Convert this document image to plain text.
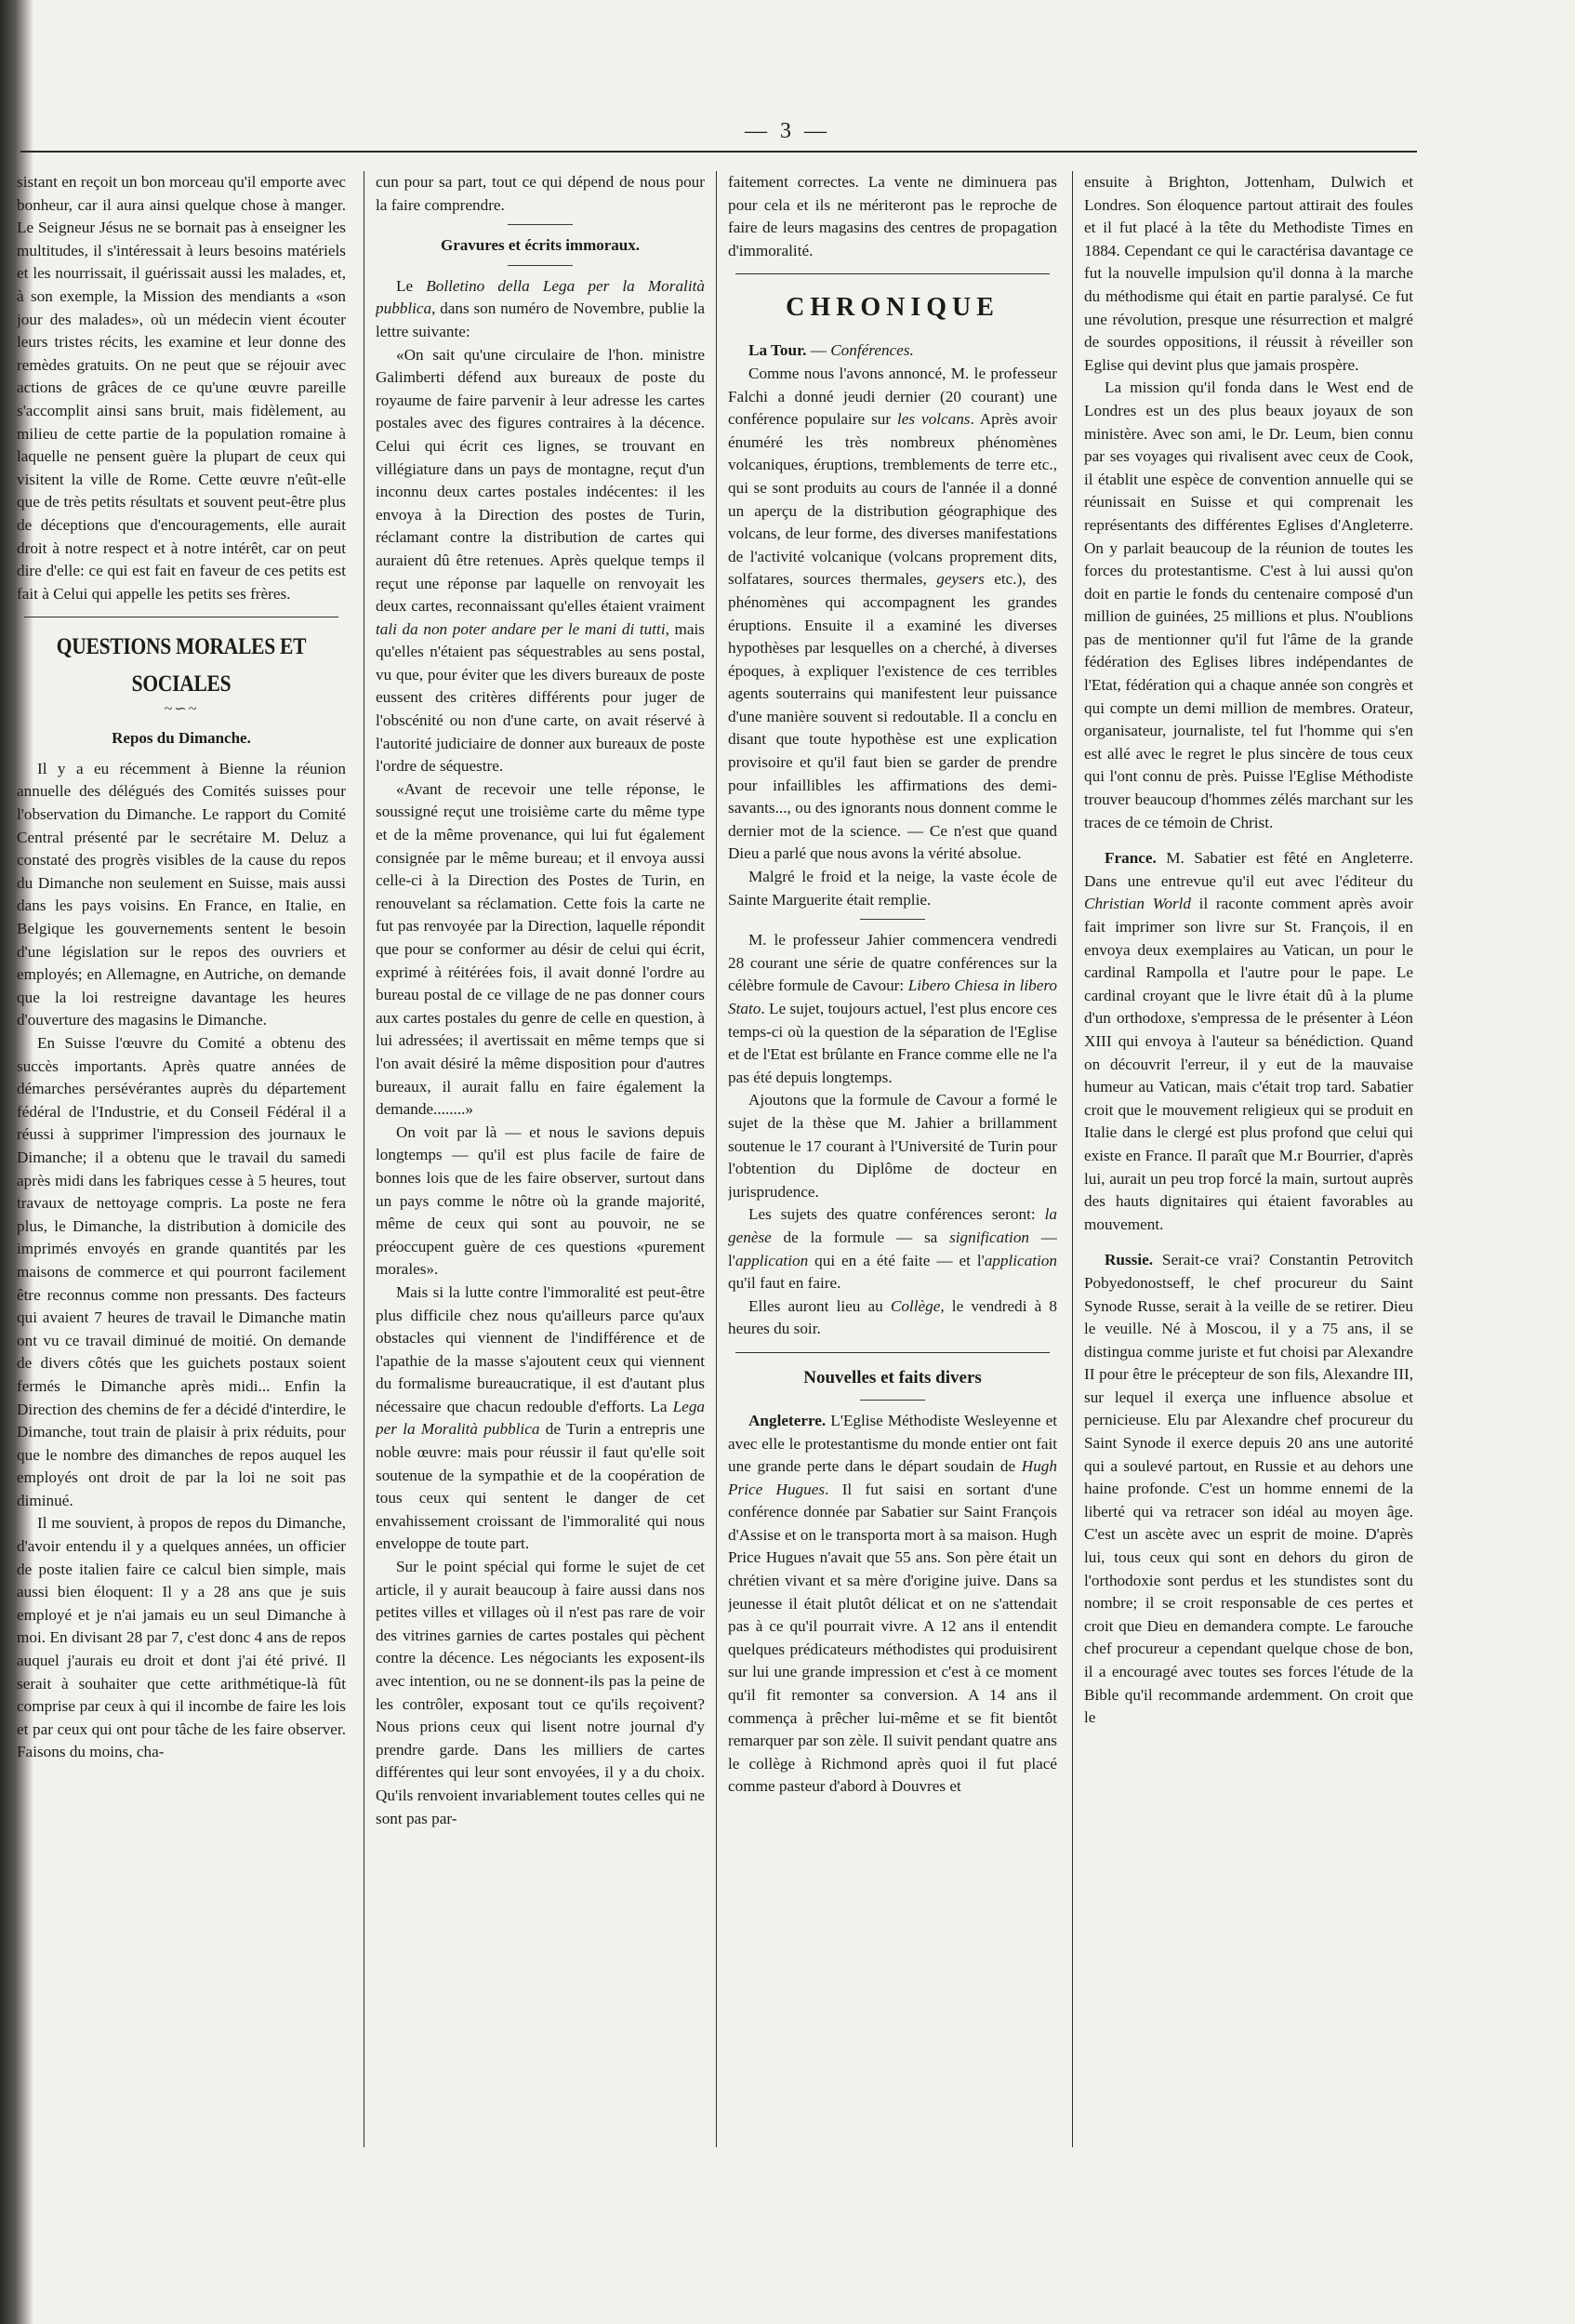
— 3 —

sistant en reçoit un bon morceau qu'il emporte avec bonheur, car il aura ainsi quelque chose à manger. Le Seigneur Jésus ne se bornait pas à enseigner les multitudes, il s'intéressait à leurs besoins matériels et les nourrissait, il guérissait aussi les malades, et, à son exemple, la Mission des mendiants a «son jour des malades», où un médecin vient écouter leurs tristes récits, les examine et leur donne des remèdes gratuits. On ne peut que se réjouir avec actions de grâces de ce qu'une œuvre pareille s'accomplit ainsi sans bruit, mais fidèlement, au milieu de cette partie de la population romaine à laquelle ne pensent guère la plupart de ceux qui visitent la ville de Rome. Cette œuvre n'eût-elle que de très petits résultats et souvent peut-être plus de déceptions que d'encouragements, elle aurait droit à notre respect et à notre intérêt, car on peut dire d'elle: ce qui est fait en faveur de ces petits est fait à Celui qui appelle les petits ses frères.

QUESTIONS MORALES ET SOCIALES
~∽~
Repos du Dimanche.

Il y a eu récemment à Bienne la réunion annuelle des délégués des Comités suisses pour l'observation du Dimanche. Le rapport du Comité Central présenté par le secrétaire M. Deluz a constaté des progrès visibles de la cause du repos du Dimanche non seulement en Suisse, mais aussi dans les pays voisins. En France, en Italie, en Belgique les gouvernements sentent le besoin d'une législation sur le repos des ouvriers et employés; en Allemagne, en Autriche, on demande que la loi restreigne davantage les heures d'ouverture des magasins le Dimanche.

En Suisse l'œuvre du Comité a obtenu des succès importants. Après quatre années de démarches persévérantes auprès du département fédéral de l'Industrie, et du Conseil Fédéral il a réussi à supprimer l'impression des journaux le Dimanche; il a obtenu que le travail du samedi après midi dans les fabriques cesse à 5 heures, tout travaux de nettoyage compris. La poste ne fera plus, le Dimanche, la distribution à domicile des imprimés envoyés en grande quantités par les maisons de commerce et qui pourront facilement être reconnus comme non pressants. Des facteurs qui avaient 7 heures de travail le Dimanche matin ont vu ce travail diminué de moitié. On demande de divers côtés que les guichets postaux soient fermés le Dimanche après midi... Enfin la Direction des chemins de fer a décidé d'interdire, le Dimanche, tout train de plaisir à prix réduits, pour que le nombre des dimanches de repos auquel les employés ont droit de par la loi ne soit pas diminué.

Il me souvient, à propos de repos du Dimanche, d'avoir entendu il y a quelques années, un officier de poste italien faire ce calcul bien simple, mais aussi bien éloquent: Il y a 28 ans que je suis employé et je n'ai jamais eu un seul Dimanche à moi. En divisant 28 par 7, c'est donc 4 ans de repos auquel j'aurais eu droit et dont j'ai été privé. Il serait à souhaiter que cette arithmétique-là fût comprise par ceux à qui il incombe de faire les lois et par ceux qui ont pour tâche de les faire observer. Faisons du moins, cha-

cun pour sa part, tout ce qui dépend de nous pour la faire comprendre.

Gravures et écrits immoraux.

Le Bolletino della Lega per la Moralità pubblica, dans son numéro de Novembre, publie la lettre suivante:

«On sait qu'une circulaire de l'hon. ministre Galimberti défend aux bureaux de poste du royaume de faire parvenir à leur adresse les cartes postales avec des figures contraires à la décence. Celui qui écrit ces lignes, se trouvant en villégiature dans un pays de montagne, reçut d'un inconnu deux cartes postales indécentes: il les envoya à la Direction des postes de Turin, réclamant contre la distribution de cartes qui auraient dû être retenues. Après quelque temps il reçut une réponse par laquelle on renvoyait les deux cartes, reconnaissant qu'elles étaient vraiment tali da non poter andare per le mani di tutti, mais qu'elles n'étaient pas séquestrables au sens postal, vu que, pour éviter que les divers bureaux de poste eussent des critères différents pour juger de l'obscénité ou non d'une carte, on avait réservé à l'autorité judiciaire de donner aux bureaux de poste l'ordre de séquestre.

«Avant de recevoir une telle réponse, le soussigné reçut une troisième carte du même type et de la même provenance, qui lui fut également consignée par le même bureau; et il envoya aussi celle-ci à la Direction des Postes de Turin, en renouvelant sa réclamation. Cette fois la carte ne fut pas renvoyée par la Direction, laquelle répondit que pour se conformer au désir de celui qui écrit, exprimé à réitérées fois, il avait donné l'ordre au bureau postal de ce village de ne pas donner cours aux cartes postales du genre de celle en question, à lui adressées; il avertissait en même temps que si l'on avait désiré la même disposition pour d'autres bureaux, il aurait fallu en faire également la demande........»

On voit par là — et nous le savions depuis longtemps — qu'il est plus facile de faire de bonnes lois que de les faire observer, surtout dans un pays comme le nôtre où la grande majorité, même de ceux qui sont au pouvoir, ne se préoccupent guère de ces questions «purement morales».

Mais si la lutte contre l'immoralité est peut-être plus difficile chez nous qu'ailleurs parce qu'aux obstacles qui viennent de l'indifférence et de l'apathie de la masse s'ajoutent ceux qui viennent du formalisme bureaucratique, il est d'autant plus nécessaire que chacun redouble d'efforts. La Lega per la Moralità pubblica de Turin a entrepris une noble œuvre: mais pour réussir il faut qu'elle soit soutenue de la sympathie et de la coopération de tous ceux qui sentent le danger de cet envahissement croissant de l'immoralité qui nous enveloppe de toute part.

Sur le point spécial qui forme le sujet de cet article, il y aurait beaucoup à faire aussi dans nos petites villes et villages où il n'est pas rare de voir des vitrines garnies de cartes postales qui pèchent contre la décence. Les négociants les exposent-ils avec intention, ou ne se donnent-ils pas la peine de les contrôler, exposant tout ce qu'ils reçoivent? Nous prions ceux qui lisent notre journal d'y prendre garde. Dans les milliers de cartes différentes qui leur sont envoyées, il y a du choix. Qu'ils renvoient invariablement toutes celles qui ne sont pas par-

faitement correctes. La vente ne diminuera pas pour cela et ils ne mériteront pas le reproche de faire de leurs magasins des centres de propagation d'immoralité.

CHRONIQUE

La Tour. — Conférences.

Comme nous l'avons annoncé, M. le professeur Falchi a donné jeudi dernier (20 courant) une conférence populaire sur les volcans. Après avoir énuméré les très nombreux phénomènes volcaniques, éruptions, tremblements de terre etc., qui se sont produits au cours de l'année il a donné un aperçu de la distribution géographique des volcans, de leur forme, des diverses manifestations de l'activité volcanique (volcans proprement dits, solfatares, sources thermales, geysers etc.), des phénomènes qui accompagnent les grandes éruptions. Ensuite il a examiné les diverses hypothèses par lesquelles on a cherché, à diverses époques, à expliquer l'existence de ces terribles agents souterrains qui manifestent leur puissance d'une manière souvent si redoutable. Il a conclu en disant que toute hypothèse est une explication provisoire et qu'il faut bien se garder de prendre pour infaillibles les affirmations des demi-savants..., ou des ignorants nous donnent comme le dernier mot de la science. — Ce n'est que quand Dieu a parlé que nous avons la vérité absolue.

Malgré le froid et la neige, la vaste école de Sainte Marguerite était remplie.

M. le professeur Jahier commencera vendredi 28 courant une série de quatre conférences sur la célèbre formule de Cavour: Libero Chiesa in libero Stato. Le sujet, toujours actuel, l'est plus encore ces temps-ci où la question de la séparation de l'Eglise et de l'Etat est brûlante en France comme elle ne l'a pas été depuis longtemps.

Ajoutons que la formule de Cavour a formé le sujet de la thèse que M. Jahier a brillamment soutenue le 17 courant à l'Université de Turin pour l'obtention du Diplôme de docteur en jurisprudence.

Les sujets des quatre conférences seront: la genèse de la formule — sa signification — l'application qui en a été faite — et l'application qu'il faut en faire.

Elles auront lieu au Collège, le vendredi à 8 heures du soir.

Nouvelles et faits divers

Angleterre. L'Eglise Méthodiste Wesleyenne et avec elle le protestantisme du monde entier ont fait une grande perte dans le départ soudain de Hugh Price Hugues. Il fut saisi en sortant d'une conférence donnée par Sabatier sur Saint François d'Assise et on le transporta mort à sa maison. Hugh Price Hugues n'avait que 55 ans. Son père était un chrétien vivant et sa mère d'origine juive. Dans sa jeunesse il était plutôt délicat et on ne s'attendait pas à ce qu'il pourrait vivre. A 12 ans il entendit quelques prédicateurs méthodistes qui produisirent sur lui une grande impression et c'est à ce moment qu'il fit remonter sa conversion. A 14 ans il commença à prêcher lui-même et se fit bientôt remarquer par son zèle. Il suivit pendant quatre ans le collège à Richmond après quoi il fut placé comme pasteur d'abord à Douvres et

ensuite à Brighton, Jottenham, Dulwich et Londres. Son éloquence partout attirait des foules et il fut placé à la tête du Methodiste Times en 1884. Cependant ce qui le caractérisa davantage ce fut la nouvelle impulsion qu'il donna à la marche du méthodisme qui était en partie paralysé. Ce fut une révolution, presque une résurrection et malgré de sourdes oppositions, il réussit à réveiller son Eglise qui devint plus que jamais prospère.

La mission qu'il fonda dans le West end de Londres est un des plus beaux joyaux de son ministère. Avec son ami, le Dr. Leum, bien connu par ses voyages qui rivalisent avec ceux de Cook, il établit une espèce de convention annuelle qui se réunissait en Suisse et qui comprenait les représentants des différentes Eglises d'Angleterre. On y parlait beaucoup de la réunion de toutes les forces du protestantisme. C'est à lui aussi qu'on doit en partie le fonds du centenaire composé d'un million de guinées, 25 millions et plus. N'oublions pas de mentionner qu'il fut l'âme de la grande fédération des Eglises libres indépendantes de l'Etat, fédération qui a chaque année son congrès et qui compte un demi million de membres. Orateur, organisateur, journaliste, tel fut l'homme qui s'en est allé avec le regret le plus sincère de tous ceux qui l'ont connu de près. Puisse l'Eglise Méthodiste trouver beaucoup d'hommes zélés marchant sur les traces de ce témoin de Christ.

France. M. Sabatier est fêté en Angleterre. Dans une entrevue qu'il eut avec l'éditeur du Christian World il raconte comment après avoir fait imprimer son livre sur St. François, il en envoya deux exemplaires au Vatican, un pour le cardinal Rampolla et l'autre pour le pape. Le cardinal croyant que le livre était dû à la plume d'un orthodoxe, s'empressa de le présenter à Léon XIII qui envoya à l'auteur sa bénédiction. Quand on découvrit l'erreur, il y eut de la mauvaise humeur au Vatican, mais c'était trop tard. Sabatier croit que le mouvement religieux qui se produit en Italie dans le clergé est plus profond que celui qui existe en France. Il paraît que M.r Bourrier, d'après lui, aurait un peu trop forcé la main, surtout auprès des hauts dignitaires qui étaient favorables au mouvement.

Russie. Serait-ce vrai? Constantin Petrovitch Pobyedonostseff, le chef procureur du Saint Synode Russe, serait à la veille de se retirer. Dieu le veuille. Né à Moscou, il y a 75 ans, il se distingua comme juriste et fut choisi par Alexandre II pour être le précepteur de son fils, Alexandre III, sur lequel il exerça une influence absolue et pernicieuse. Elu par Alexandre chef procureur du Saint Synode il exerce depuis 20 ans une autorité qui a soulevé partout, en Russie et au dehors une haine profonde. C'est un homme ennemi de la liberté qui va retracer son idéal au moyen âge. C'est un ascète avec un esprit de moine. D'après lui, tous ceux qui sont en dehors du giron de l'orthodoxie sont perdus et les stundistes sont du nombre; il se croit responsable de ces pertes et croit que Dieu en demandera compte. Le farouche chef procureur a cependant quelque chose de bon, il a encouragé avec toutes ses forces l'étude de la Bible qu'il recommande ardemment. On croit que le
